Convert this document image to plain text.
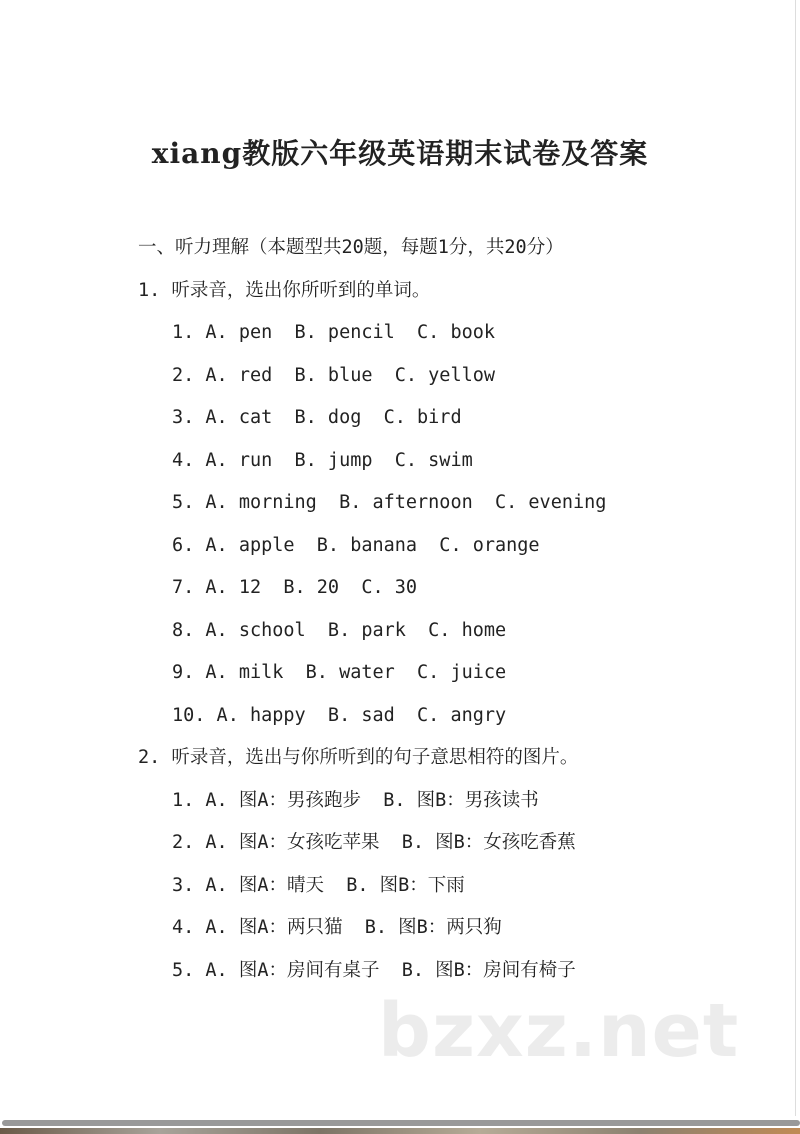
xiang教版六年级英语期末试卷及答案
一、听力理解（本题型共20题，每题1分，共20分）
1. 听录音，选出你所听到的单词。
1. A. pen  B. pencil  C. book
2. A. red  B. blue  C. yellow
3. A. cat  B. dog  C. bird
4. A. run  B. jump  C. swim
5. A. morning  B. afternoon  C. evening
6. A. apple  B. banana  C. orange
7. A. 12  B. 20  C. 30
8. A. school  B. park  C. home
9. A. milk  B. water  C. juice
10. A. happy  B. sad  C. angry
2. 听录音，选出与你所听到的句子意思相符的图片。
1. A. 图A：男孩跑步  B. 图B：男孩读书
2. A. 图A：女孩吃苹果  B. 图B：女孩吃香蕉
3. A. 图A：晴天  B. 图B：下雨
4. A. 图A：两只猫  B. 图B：两只狗
5. A. 图A：房间有桌子  B. 图B：房间有椅子
bzxz.net
